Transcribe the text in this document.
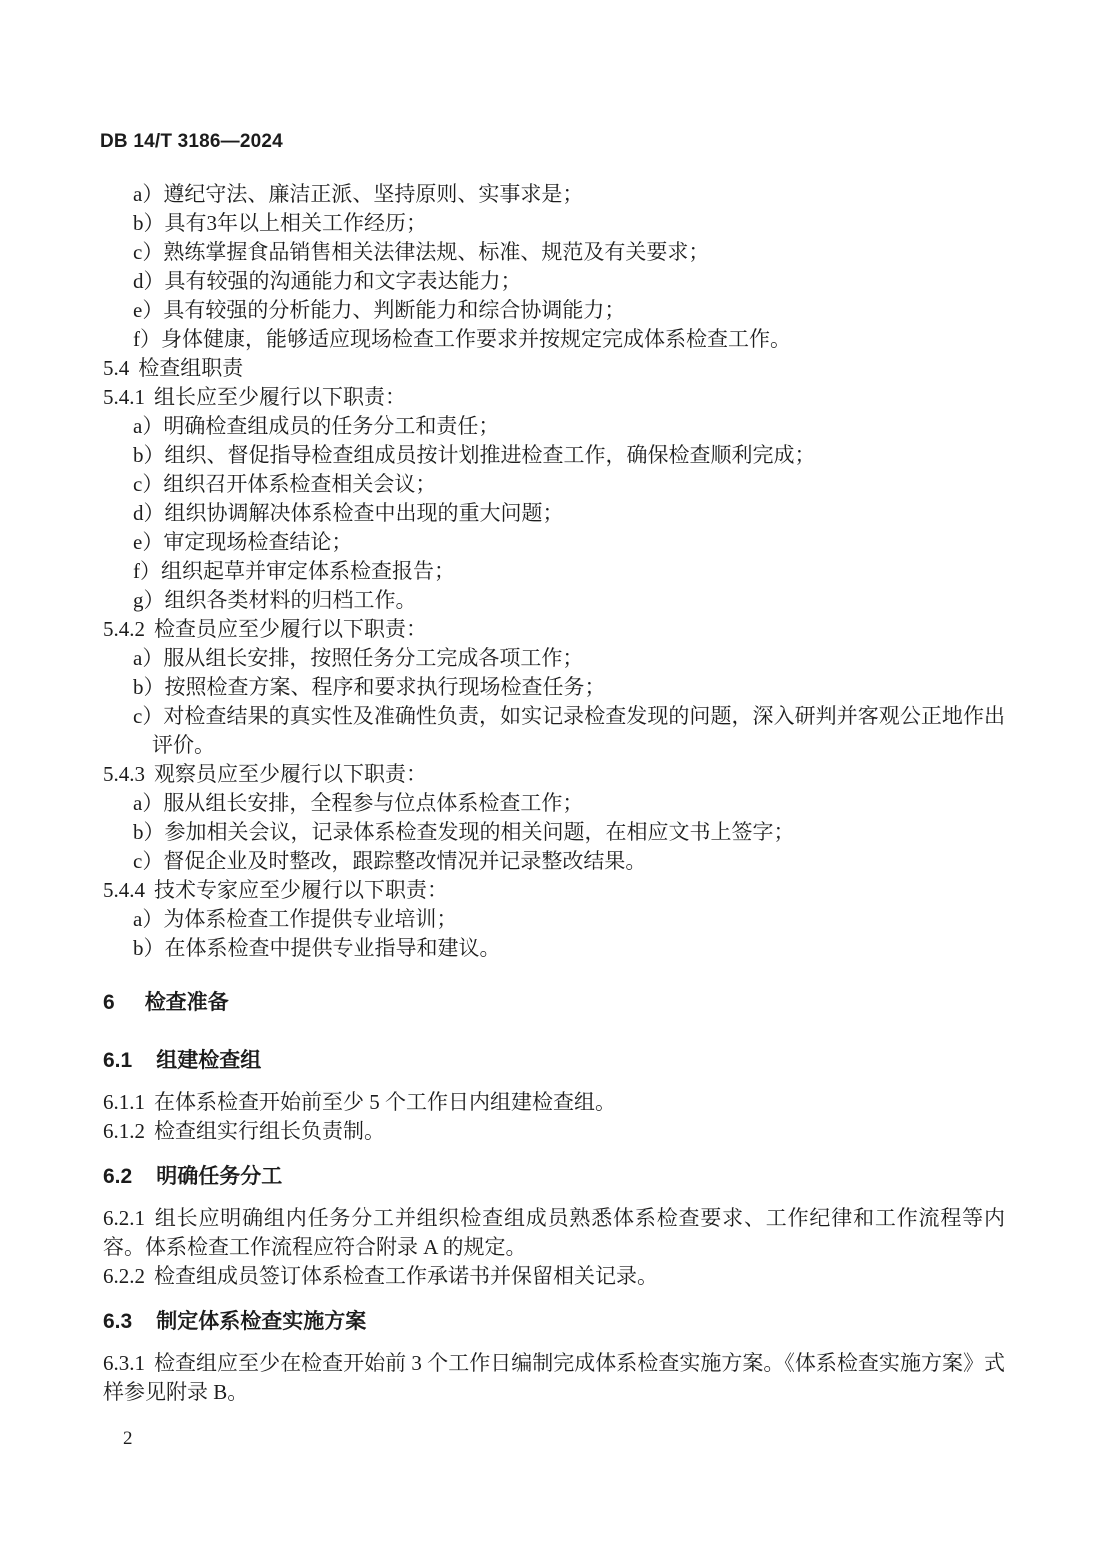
DB 14/T 3186—2024
a）遵纪守法、廉洁正派、坚持原则、实事求是；
b）具有3年以上相关工作经历；
c）熟练掌握食品销售相关法律法规、标准、规范及有关要求；
d）具有较强的沟通能力和文字表达能力；
e）具有较强的分析能力、判断能力和综合协调能力；
f）身体健康，能够适应现场检查工作要求并按规定完成体系检查工作。
5.4 检查组职责
5.4.1 组长应至少履行以下职责：
a）明确检查组成员的任务分工和责任；
b）组织、督促指导检查组成员按计划推进检查工作，确保检查顺利完成；
c）组织召开体系检查相关会议；
d）组织协调解决体系检查中出现的重大问题；
e）审定现场检查结论；
f）组织起草并审定体系检查报告；
g）组织各类材料的归档工作。
5.4.2 检查员应至少履行以下职责：
a）服从组长安排，按照任务分工完成各项工作；
b）按照检查方案、程序和要求执行现场检查任务；
c）对检查结果的真实性及准确性负责，如实记录检查发现的问题，深入研判并客观公正地作出评价。
5.4.3 观察员应至少履行以下职责：
a）服从组长安排，全程参与位点体系检查工作；
b）参加相关会议，记录体系检查发现的相关问题，在相应文书上签字；
c）督促企业及时整改，跟踪整改情况并记录整改结果。
5.4.4 技术专家应至少履行以下职责：
a）为体系检查工作提供专业培训；
b）在体系检查中提供专业指导和建议。
6 检查准备
6.1 组建检查组
6.1.1 在体系检查开始前至少 5 个工作日内组建检查组。
6.1.2 检查组实行组长负责制。
6.2 明确任务分工
6.2.1 组长应明确组内任务分工并组织检查组成员熟悉体系检查要求、工作纪律和工作流程等内容。体系检查工作流程应符合附录 A 的规定。
6.2.2 检查组成员签订体系检查工作承诺书并保留相关记录。
6.3 制定体系检查实施方案
6.3.1 检查组应至少在检查开始前 3 个工作日编制完成体系检查实施方案。《体系检查实施方案》式样参见附录 B。
2
